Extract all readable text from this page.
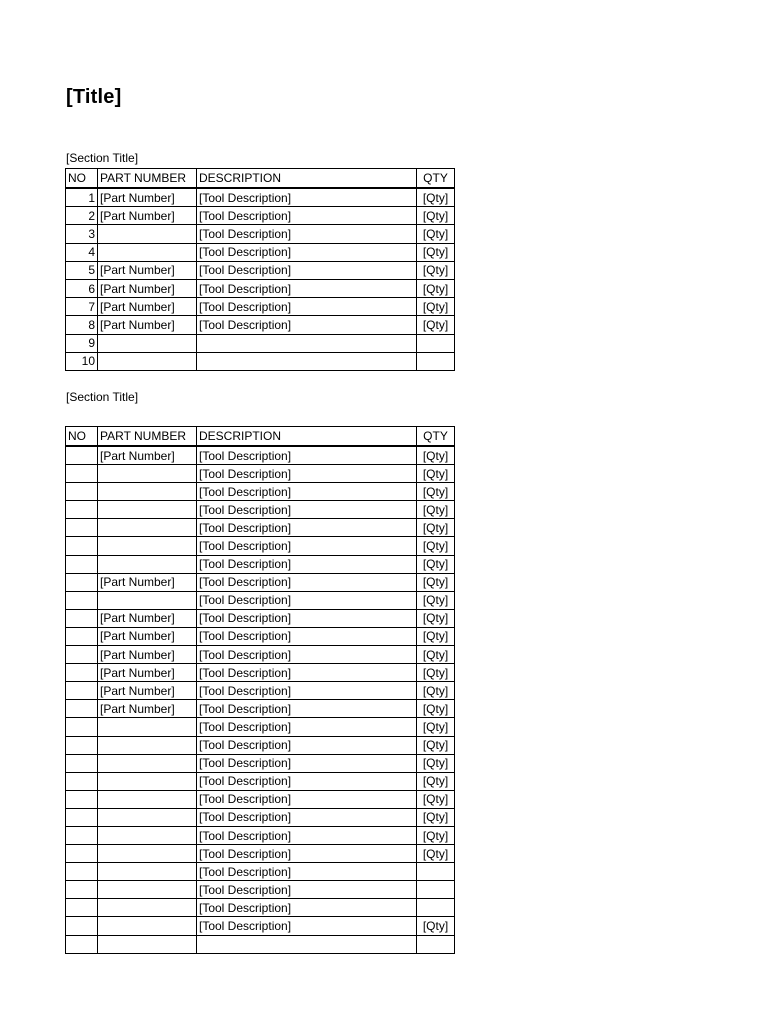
[Title]
[Section Title]
NO	PART NUMBER	DESCRIPTION	QTY
1	[Part Number]	[Tool Description]	[Qty]
2	[Part Number]	[Tool Description]	[Qty]
3		[Tool Description]	[Qty]
4		[Tool Description]	[Qty]
5	[Part Number]	[Tool Description]	[Qty]
6	[Part Number]	[Tool Description]	[Qty]
7	[Part Number]	[Tool Description]	[Qty]
8	[Part Number]	[Tool Description]	[Qty]
9			
10			
[Section Title]
NO	PART NUMBER	DESCRIPTION	QTY
	[Part Number]	[Tool Description]	[Qty]
		[Tool Description]	[Qty]
		[Tool Description]	[Qty]
		[Tool Description]	[Qty]
		[Tool Description]	[Qty]
		[Tool Description]	[Qty]
		[Tool Description]	[Qty]
	[Part Number]	[Tool Description]	[Qty]
		[Tool Description]	[Qty]
	[Part Number]	[Tool Description]	[Qty]
	[Part Number]	[Tool Description]	[Qty]
	[Part Number]	[Tool Description]	[Qty]
	[Part Number]	[Tool Description]	[Qty]
	[Part Number]	[Tool Description]	[Qty]
	[Part Number]	[Tool Description]	[Qty]
		[Tool Description]	[Qty]
		[Tool Description]	[Qty]
		[Tool Description]	[Qty]
		[Tool Description]	[Qty]
		[Tool Description]	[Qty]
		[Tool Description]	[Qty]
		[Tool Description]	[Qty]
		[Tool Description]	[Qty]
		[Tool Description]	
		[Tool Description]	
		[Tool Description]	
		[Tool Description]	[Qty]
